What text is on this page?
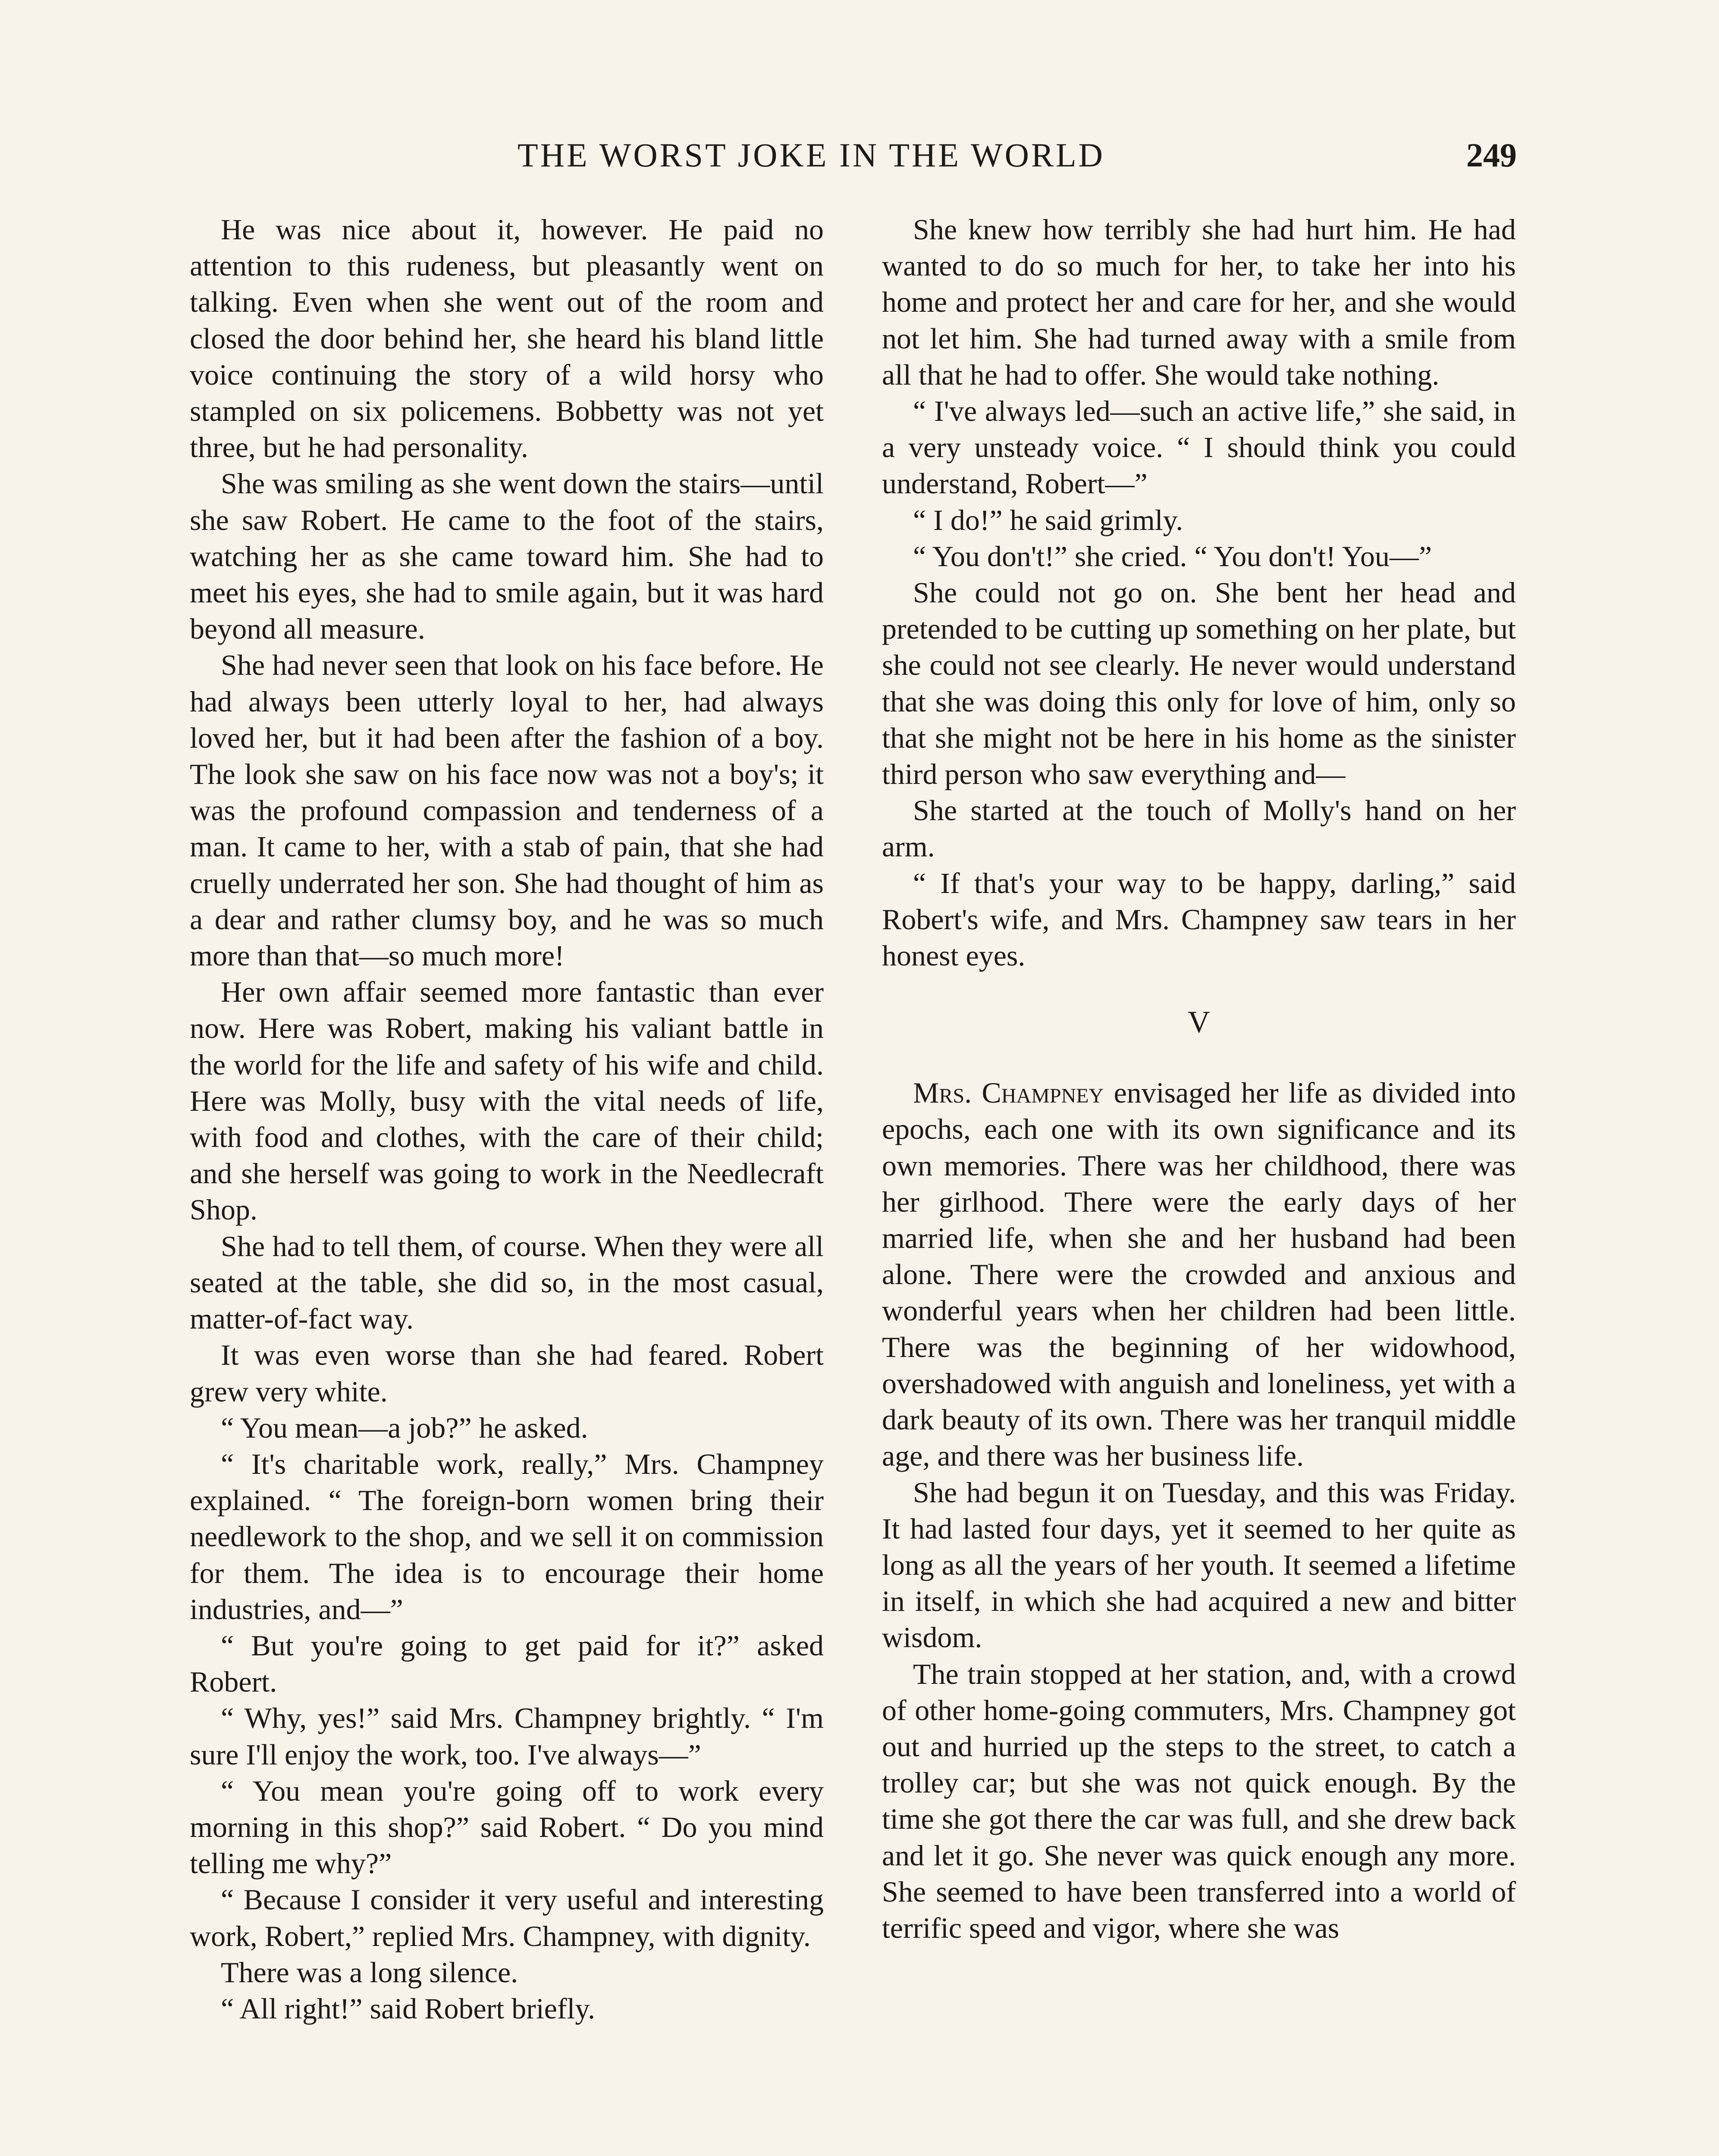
THE WORST JOKE IN THE WORLD	249

He was nice about it, however. He paid no attention to this rudeness, but pleasantly went on talking. Even when she went out of the room and closed the door behind her, she heard his bland little voice continuing the story of a wild horsy who stampled on six policemens. Bobbetty was not yet three, but he had personality.

She was smiling as she went down the stairs—until she saw Robert. He came to the foot of the stairs, watching her as she came toward him. She had to meet his eyes, she had to smile again, but it was hard beyond all measure.

She had never seen that look on his face before. He had always been utterly loyal to her, had always loved her, but it had been after the fashion of a boy. The look she saw on his face now was not a boy's; it was the profound compassion and tenderness of a man. It came to her, with a stab of pain, that she had cruelly underrated her son. She had thought of him as a dear and rather clumsy boy, and he was so much more than that—so much more!

Her own affair seemed more fantastic than ever now. Here was Robert, making his valiant battle in the world for the life and safety of his wife and child. Here was Molly, busy with the vital needs of life, with food and clothes, with the care of their child; and she herself was going to work in the Needlecraft Shop.

She had to tell them, of course. When they were all seated at the table, she did so, in the most casual, matter-of-fact way.

It was even worse than she had feared. Robert grew very white.

“ You mean—a job?” he asked.

“ It's charitable work, really,” Mrs. Champney explained. “ The foreign-born women bring their needlework to the shop, and we sell it on commission for them. The idea is to encourage their home industries, and—”

“ But you're going to get paid for it?” asked Robert.

“ Why, yes!” said Mrs. Champney brightly. “ I'm sure I'll enjoy the work, too. I've always—”

“ You mean you're going off to work every morning in this shop?” said Robert. “ Do you mind telling me why?”

“ Because I consider it very useful and interesting work, Robert,” replied Mrs. Champney, with dignity.

There was a long silence.

“ All right!” said Robert briefly.

She knew how terribly she had hurt him. He had wanted to do so much for her, to take her into his home and protect her and care for her, and she would not let him. She had turned away with a smile from all that he had to offer. She would take nothing.

“ I've always led—such an active life,” she said, in a very unsteady voice. “ I should think you could understand, Robert—”

“ I do!” he said grimly.

“ You don't!” she cried. “ You don't! You—”

She could not go on. She bent her head and pretended to be cutting up something on her plate, but she could not see clearly. He never would understand that she was doing this only for love of him, only so that she might not be here in his home as the sinister third person who saw everything and—

She started at the touch of Molly's hand on her arm.

“ If that's your way to be happy, darling,” said Robert's wife, and Mrs. Champney saw tears in her honest eyes.

V

Mrs. Champney envisaged her life as divided into epochs, each one with its own significance and its own memories. There was her childhood, there was her girlhood. There were the early days of her married life, when she and her husband had been alone. There were the crowded and anxious and wonderful years when her children had been little. There was the beginning of her widowhood, overshadowed with anguish and loneliness, yet with a dark beauty of its own. There was her tranquil middle age, and there was her business life.

She had begun it on Tuesday, and this was Friday. It had lasted four days, yet it seemed to her quite as long as all the years of her youth. It seemed a lifetime in itself, in which she had acquired a new and bitter wisdom.

The train stopped at her station, and, with a crowd of other home-going commuters, Mrs. Champney got out and hurried up the steps to the street, to catch a trolley car; but she was not quick enough. By the time she got there the car was full, and she drew back and let it go. She never was quick enough any more. She seemed to have been transferred into a world of terrific speed and vigor, where she was
